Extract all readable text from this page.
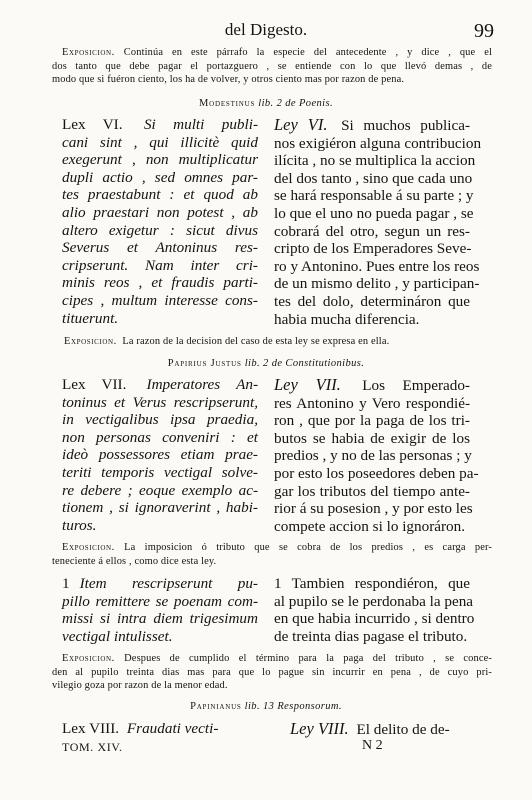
del Digesto.	99
Exposicion. Continúa en este párrafo la especie del antecedente , y dice , que el
dos tanto que debe pagar el portazguero , se entiende con lo que llevó demas , de
modo que si fuéron ciento, los ha de volver, y otros ciento mas por razon de pena.
Modestinus lib. 2 de Poenis.
Lex VI. Si multi publi-
cani sint , qui illicitè quid
exegerunt , non multiplicatur
dupli actio , sed omnes par-
tes praestabunt : et quod ab
alio praestari non potest , ab
altero exigetur : sicut divus
Severus et Antoninus res-
cripserunt. Nam inter cri-
minis reos , et fraudis parti-
cipes , multum interesse cons-
tituerunt.
Ley VI. Si muchos publica-
nos exigiéron alguna contribucion
ilícita , no se multiplica la accion
del dos tanto , sino que cada uno
se hará responsable á su parte ; y
lo que el uno no pueda pagar , se
cobrará del otro, segun un res-
cripto de los Emperadores Seve-
ro y Antonino. Pues entre los reos
de un mismo delito , y participan-
tes del dolo, determináron que
habia mucha diferencia.
Exposicion. La razon de la decision del caso de esta ley se expresa en ella.
Papirius Justus lib. 2 de Constitutionibus.
Lex VII. Imperatores An-
toninus et Verus rescripserunt,
in vectigalibus ipsa praedia,
non personas conveniri : et
ideò possessores etiam prae-
teriti temporis vectigal solve-
re debere ; eoque exemplo ac-
tionem , si ignoraverint , habi-
turos.
Ley VII. Los Emperado-
res Antonino y Vero respondié-
ron , que por la paga de los tri-
butos se habia de exigir de los
predios , y no de las personas ; y
por esto los poseedores deben pa-
gar los tributos del tiempo ante-
rior á su posesion , y por esto les
compete accion si lo ignoráron.
Exposicion. La imposicion ó tributo que se cobra de los predios , es carga per-
teneciente á ellos , como dice esta ley.
1 Item rescripserunt pu-
pillo remittere se poenam com-
missi si intra diem trigesimum
vectigal intulisset.
1 Tambien respondiéron, que
al pupilo se le perdonaba la pena
en que habia incurrido , si dentro
de treinta dias pagase el tributo.
Exposicion. Despues de cumplido el término para la paga del tributo , se conce-
den al pupilo treinta dias mas para que lo pague sin incurrir en pena , de cuyo pri-
vilegio goza por razon de la menor edad.
Papinianus lib. 13 Responsorum.
Lex VIII. Fraudati vecti-	Ley VIII. El delito de de-
TOM. XIV.	N 2
